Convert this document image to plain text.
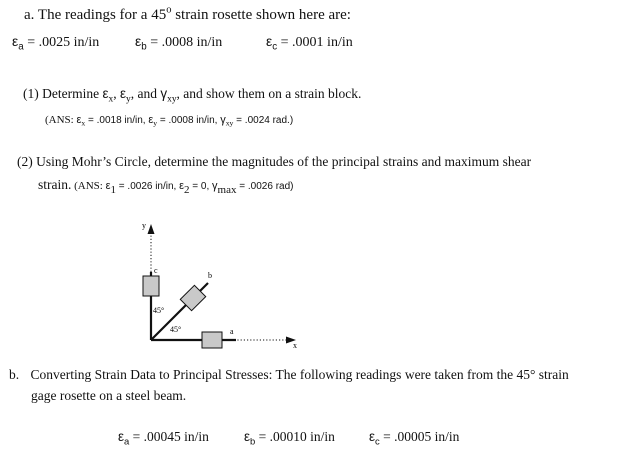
a. The readings for a 45$^o$ strain rosette shown here are:
$\varepsilon_a = .0025$ in/in	$\varepsilon_b = .0008$ in/in	$\varepsilon_c = .0001$ in/in
(1) Determine $\varepsilon_x$, $\varepsilon_y$, and $\gamma_{xy}$, and show them on a strain block.
(ANS: $\varepsilon_x = .0018$ in/in, $\varepsilon_y = .0008$ in/in, $\gamma_{xy} = .0024$ rad.)
(2) Using Mohr’s Circle, determine the magnitudes of the principal strains and maximum shear
strain. (ANS: $\varepsilon_1 = .0026$ in/in, $\varepsilon_2 = 0$, $\gamma_{max} = .0026$ rad)
y
x
c
a
b
45°
45°
b. Converting Strain Data to Principal Stresses: The following readings were taken from the 45° strain
gage rosette on a steel beam.
$\varepsilon_a = .00045$ in/in	$\varepsilon_b = .00010$ in/in	$\varepsilon_c = .00005$ in/in
